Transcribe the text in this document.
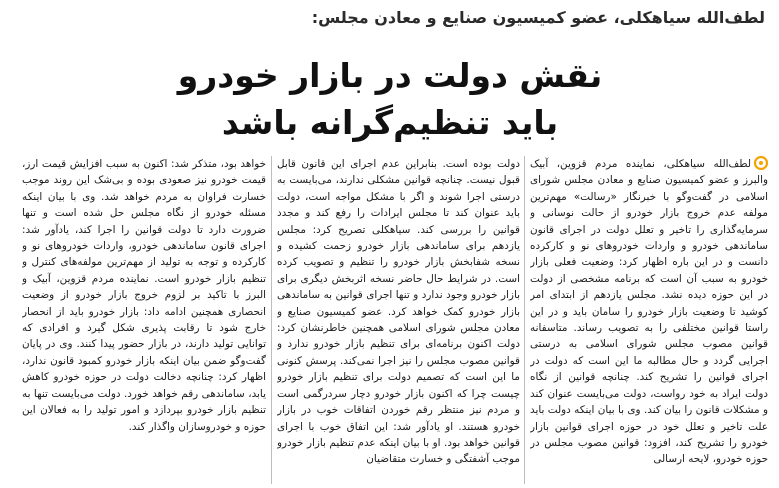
لطف‌الله سیاهکلی، عضو کمیسیون صنایع و معادن مجلس:
نقش دولت در بازار خودرو
باید تنظیم‌گرانه باشد

لطف‌الله سیاهکلی، نماینده مردم قزوین، آبیک والبرز و عضو کمیسیون صنایع و معادن مجلس شورای اسلامی در گفت‌وگو با خبرنگار «رسالت» مهم‌ترین مولفه عدم خروج بازار خودرو از حالت نوسانی و سرمایه‌گذاری را تاخیر و تعلل دولت در اجرای قانون ساماندهی خودرو و واردات خودروهای نو و کارکرده دانست و در این باره اظهار کرد: وضعیت فعلی بازار خودرو به سبب آن است که برنامه مشخصی از دولت در این حوزه دیده نشد. مجلس یازدهم از ابتدای امر کوشید تا وضعیت بازار خودرو را سامان باید و در این راستا قوانین مختلفی را به تصویب رساند. متاسفانه قوانین مصوب مجلس شورای اسلامی به درستی اجرایی گردد و حال مطالبه ما این است که دولت در اجرای قوانین را تشریح کند. چنانچه قوانین از نگاه دولت ایراد به خود رواست، دولت می‌بایست عنوان کند و مشکلات قانون را بیان کند. وی با بیان اینکه دولت باید علت تاخیر و تعلل خود در حوزه اجرای قوانین بازار خودرو را تشریح کند، افزود: قوانین مصوب مجلس در حوزه خودرو، لایحه ارسالی

دولت بوده است. بنابراین عدم اجرای این قانون قابل قبول نیست. چنانچه قوانین مشکلی ندارند، می‌بایست به درستی اجرا شوند و اگر با مشکل مواجه است، دولت باید عنوان کند تا مجلس ایرادات را رفع کند و مجدد قوانین را بررسی کند. سیاهکلی تصریح کرد: مجلس یازدهم برای ساماندهی بازار خودرو زحمت کشیده و نسخه شفابخش بازار خودرو را تنظیم و تصویب کرده است. در شرایط حال حاضر نسخه اثربخش دیگری برای بازار خودرو وجود ندارد و تنها اجرای قوانین به ساماندهی بازار خودرو کمک خواهد کرد. عضو کمیسیون صنایع و معادن مجلس شورای اسلامی همچنین خاطرنشان کرد: دولت اکنون برنامه‌ای برای تنظیم بازار خودرو ندارد و قوانین مصوب مجلس را نیز اجرا نمی‌کند. پرسش کنونی ما این است که تصمیم دولت برای تنظیم بازار خودرو چیست چرا که اکنون بازار خودرو دچار سردرگمی است و مردم نیز منتظر رقم خوردن اتفاقات خوب در بازار خودرو هستند. او یادآور شد: این اتفاق خوب با اجرای قوانین خواهد بود. او با بیان اینکه عدم تنظیم بازار خودرو موجب آشفتگی و خسارت متقاضیان

خواهد بود، متذکر شد: اکنون به سبب افزایش قیمت ارز، قیمت خودرو نیز صعودی بوده و بی‌شک این روند موجب خسارت فراوان به مردم خواهد شد. وی با بیان اینکه مسئله خودرو از نگاه مجلس حل شده است و تنها ضرورت دارد تا دولت قوانین را اجرا کند، یادآور شد: اجرای قانون ساماندهی خودرو، واردات خودروهای نو و کارکرده و توجه به تولید از مهم‌ترین مولفه‌های کنترل و تنظیم بازار خودرو است. نماینده مردم قزوین، آبیک و البرز با تاکید بر لزوم خروج بازار خودرو از وضعیت انحصاری همچنین ادامه داد: بازار خودرو باید از انحصار خارج شود تا رقابت پذیری شکل گیرد و افرادی که توانایی تولید دارند، در بازار حضور پیدا کنند. وی در پایان گفت‌وگو ضمن بیان اینکه بازار خودرو کمبود قانون ندارد، اظهار کرد: چنانچه دخالت دولت در حوزه خودرو کاهش یابد، ساماندهی رقم خواهد خورد. دولت می‌بایست تنها به تنظیم بازار خودرو بپردازد و امور تولید را به فعالان این حوزه و خودروسازان واگذار کند.
